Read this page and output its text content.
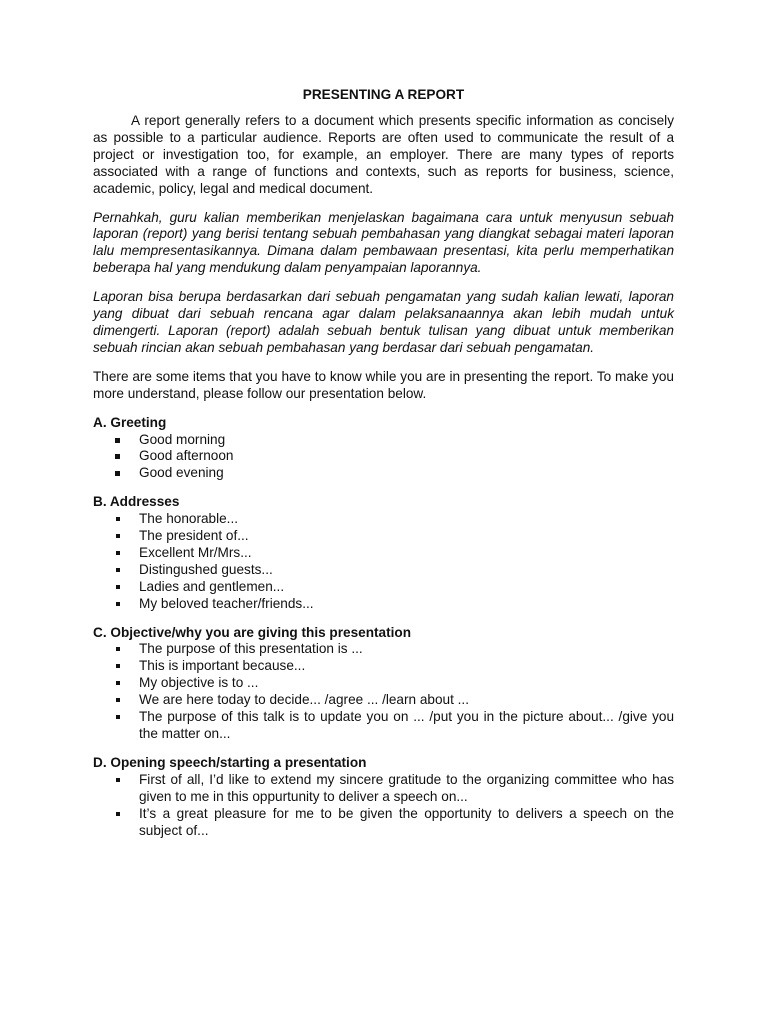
PRESENTING A REPORT

A report generally refers to a document which presents specific information as concisely as possible to a particular audience. Reports are often used to communicate the result of a project or investigation too, for example, an employer. There are many types of reports associated with a range of functions and contexts, such as reports for business, science, academic, policy, legal and medical document.

Pernahkah, guru kalian memberikan menjelaskan bagaimana cara untuk menyusun sebuah laporan (report) yang berisi tentang sebuah pembahasan yang diangkat sebagai materi laporan lalu mempresentasikannya. Dimana dalam pembawaan presentasi, kita perlu memperhatikan beberapa hal yang mendukung dalam penyampaian laporannya.

Laporan bisa berupa berdasarkan dari sebuah pengamatan yang sudah kalian lewati, laporan yang dibuat dari sebuah rencana agar dalam pelaksanaannya akan lebih mudah untuk dimengerti. Laporan (report) adalah sebuah bentuk tulisan yang dibuat untuk memberikan sebuah rincian akan sebuah pembahasan yang berdasar dari sebuah pengamatan.

There are some items that you have to know while you are in presenting the report. To make you more understand, please follow our presentation below.

A. Greeting

Good morning
Good afternoon
Good evening

B. Addresses

The honorable...
The president of...
Excellent Mr/Mrs...
Distingushed guests...
Ladies and gentlemen...
My beloved teacher/friends...

C. Objective/why you are giving this presentation

The purpose of this presentation is ...
This is important because...
My objective is to ...
We are here today to decide... /agree ... /learn about ...
The purpose of this talk is to update you on ... /put you in the picture about... /give you the matter on...

D. Opening speech/starting a presentation

First of all, I’d like to extend my sincere gratitude to the organizing committee who has given to me in this oppurtunity to deliver a speech on...
It’s a great pleasure for me to be given the opportunity to delivers a speech on the subject of...
